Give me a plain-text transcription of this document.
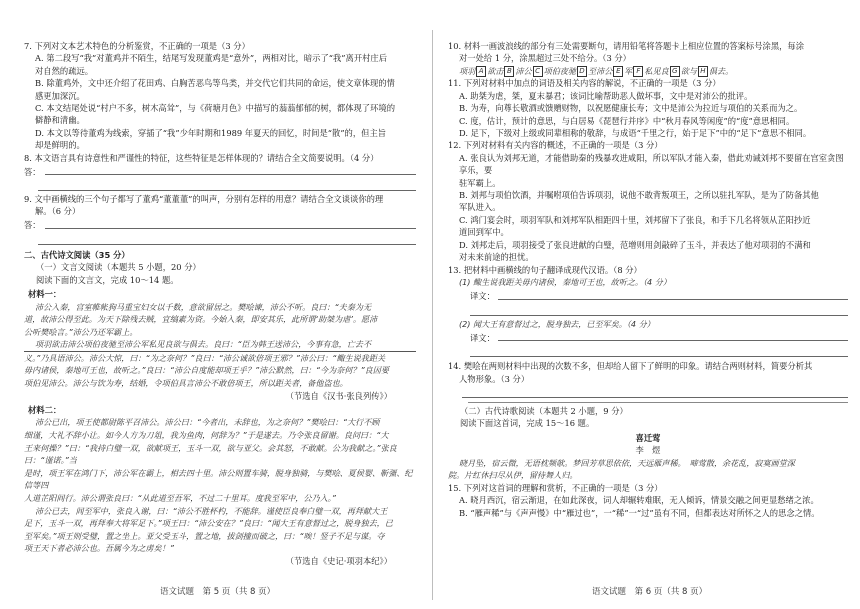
7. 下列对文本艺术特色的分析鉴赏，不正确的一项是（3 分）

A. 第二段写“我”对董鸡并不陌生，结尾写发现董鸡是“意外”，两相对比，暗示了“我”离开村庄后

对自然的疏远。

B. 除董鸡外，文中还介绍了花田鸡、白胸苦恶鸟等鸟类，并交代它们共同的命运，使文章体现的情

感更加深沉。

C. 本文结尾处说“村户不多，树木高耸”，与《荷塘月色》中描写的蓊蓊郁郁的树，都体现了环境的

僻静和清幽。

D. 本文以等待董鸡为线索，穿插了“我”少年时期和1989 年夏天的回忆，时间是“散”的，但主旨

却是鲜明的。

8. 本文语言具有诗意性和严谨性的特征，这些特征是怎样体现的？请结合全文简要说明。（4 分）

答：

9. 文中画横线的三个句子都写了董鸡“董董董”的叫声，分别有怎样的用意？请结合全文谈谈你的理

解。（6 分）

答：

二、古代诗文阅读（35 分）

（一）文言文阅读（本题共 5 小题，20 分）

阅读下面的文言文，完成 10～14 题。

材料一：

沛公入秦，宫室帷帐狗马重宝妇女以千数，意欲留居之。樊哙谏，沛公不听。良曰：“夫秦为无

道，故沛公得至此。为天下除残去贼，宜缟素为资。今始入秦，即安其乐，此所谓‘助桀为虐’。愿沛

公听樊哙言。”沛公乃还军霸上。

项羽欲击沛公项伯夜驰至沛公军私见良欲与俱去。良曰：“臣为韩王送沛公，今事有急，亡去不

义。”乃具语沛公。沛公大惊，曰：“为之奈何？”良曰：“沛公诚欲倍项王邪？”沛公曰：“鲰生说我距关

毋内诸侯，秦地可王也，故听之。”良曰：“沛公自度能却项王乎？”沛公默然，曰：“今为奈何？”良因要

项伯见沛公。沛公与饮为寿，结婚，令项伯具言沛公不敢倍项王，所以距关者，备他盗也。

（节选自《汉书·张良列传》）

材料二：

沛公已出，项王使都尉陈平召沛公。沛公曰：“今者出，未辞也，为之奈何？”樊哙曰：“大行不顾

细谨，大礼不辞小让。如今人方为刀俎，我为鱼肉，何辞为？”于是遂去。乃令张良留谢。良问曰：“大

王来何操？”曰：“我持白璧一双，欲献项王，玉斗一双，欲与亚父。会其怒，不敢献。公为我献之。”张良曰：“谨诺。”当

是时，项王军在鸿门下，沛公军在霸上，相去四十里。沛公则置车骑，脱身独骑，与樊哙、夏侯婴、靳彊、纪信等四

人道芷阳间行。沛公谓张良曰：“从此道至吾军，不过二十里耳。度我至军中，公乃入。”

沛公已去，间至军中，张良入谢，曰：“沛公不胜杯杓，不能辞。谨使臣良奉白璧一双，再拜献大王

足下，玉斗一双，再拜奉大将军足下。”项王曰：“沛公安在？”良曰：“闻大王有意督过之，脱身独去，已

至军矣。”项王则受璧，置之坐上。亚父受玉斗，置之地，拔剑撞而破之，曰：“唉！竖子不足与谋。夺

项王天下者必沛公也。吾属今为之虏矣！”

（节选自《史记·项羽本纪》）

10. 材料一画波浪线的部分有三处需要断句，请用铅笔将答题卡上相应位置的答案标号涂黑，每涂

对一处给 1 分，涂黑超过三处不给分。（3 分）

项羽 A 欲击 B 沛公 C 项伯夜驰 D 至沛公 E 军 F 私见良 G 欲与 H 俱去。

11. 下列对材料中加点的词语及相关内容的解说，不正确的一项是（3 分）

A. 助桀为虐，桀，夏末暴君；该词比喻帮助恶人做坏事，文中是对沛公的批评。

B. 为寿，向尊长敬酒或馈赠财物，以祝愿健康长寿；文中是沛公为拉近与项伯的关系而为之。

C. 度，估计，预计的意思，与白居易《琵琶行并序》中“秋月春风等闲度”的“度”意思相同。

D. 足下，下级对上级或同辈相称的敬辞，与成语“千里之行，始于足下”中的“足下”意思不相同。

12. 下列对材料有关内容的概述，不正确的一项是（3 分）

A. 张良认为刘邦无道，才能借助秦的残暴攻进咸阳，所以军队才能入秦，借此劝诫刘邦不要留在宫室贪图享乐，要

驻军霸上。

B. 刘邦与项伯饮酒，并嘱咐项伯告诉项羽，说他不敢背叛项王，之所以驻扎军队，是为了防备其他

军队进入。

C. 鸿门宴会时，项羽军队和刘邦军队相距四十里，刘邦留下了张良，和手下几名将领从芷阳抄近

道回到军中。

D. 刘邦走后，项羽接受了张良进献的白璧，范增则用剑敲碎了玉斗，并表达了他对项羽的不满和

对未来前途的担忧。

13. 把材料中画横线的句子翻译成现代汉语。（8 分）

(1) 鲰生说我距关毋内诸侯，秦地可王也，故听之。（4 分）

译文：

(2) 闻大王有意督过之，脱身独去，已至军矣。（4 分）

译文：

14. 樊哙在两则材料中出现的次数不多，但却给人留下了鲜明的印象。请结合两则材料，简要分析其

人物形象。（3 分）

（二）古代诗歌阅读（本题共 2 小题，9 分）

阅读下面这首词，完成 15～16 题。

喜迁莺

李　煜

晓月坠，宿云微，无语枕频欹。梦回芳草思依依，天远雁声稀。　啼莺散，余花乱，寂寞画堂深

院。片红休扫尽从伊，留待舞人归。

15. 下列对这首词的理解和赏析，不正确的一项是（3 分）

A. 晓月西沉，宿云渐退，在如此深夜，词人却辗转难眠，无人倾诉，情景交融之间更显愁绪之浓。

B. “雁声稀”与《声声慢》中“雁过也”，一“稀”一“过”虽有不同，但都表达对所怀之人的思念之情。

语文试题　第 5 页（共 8 页）	语文试题　第 6 页（共 8 页）
